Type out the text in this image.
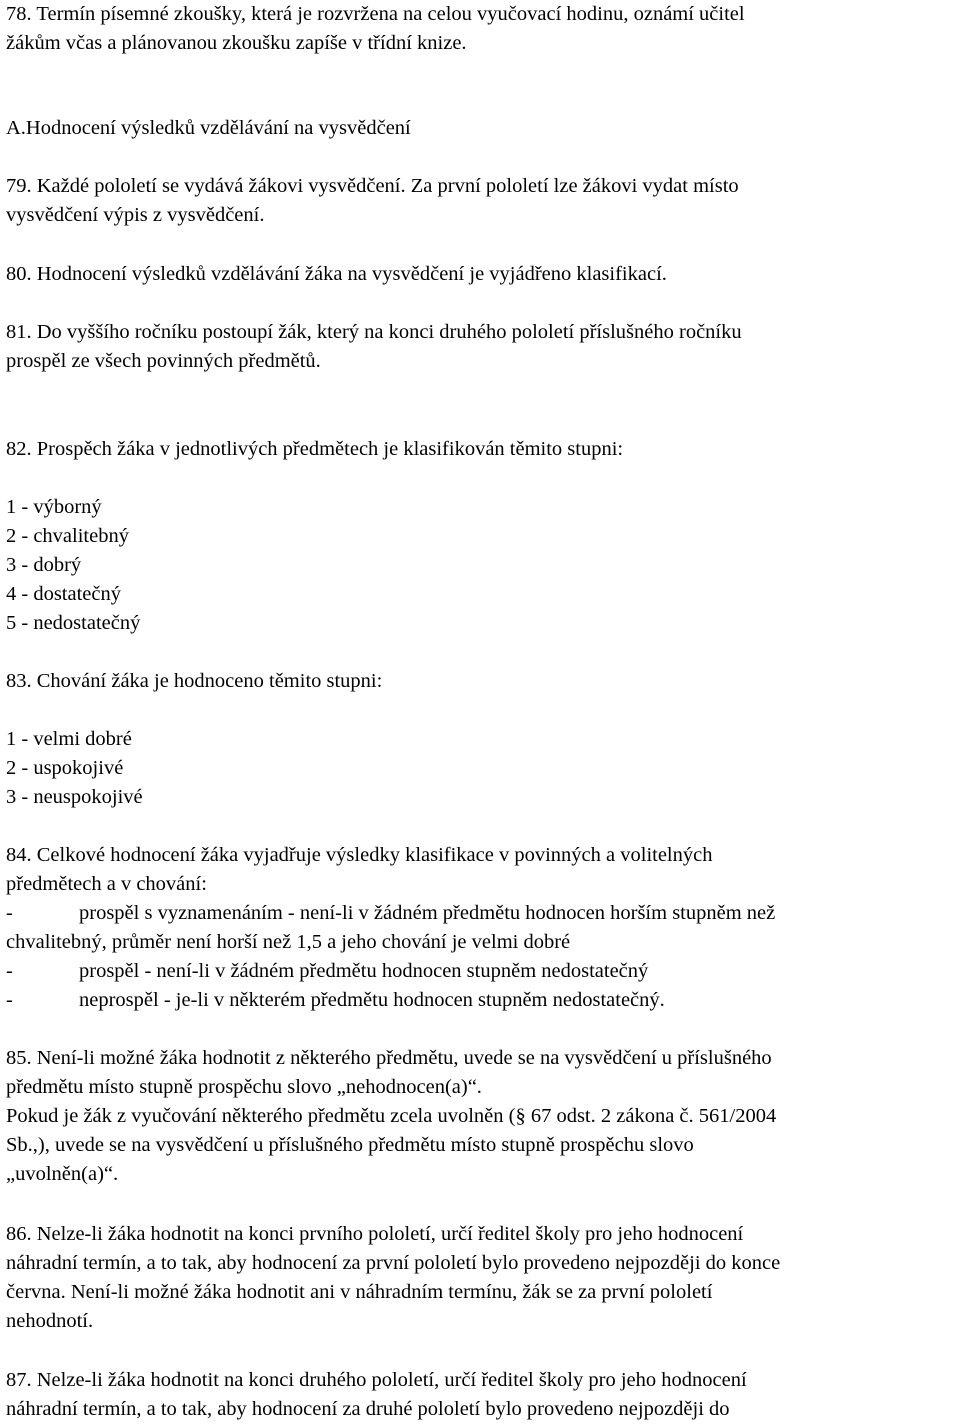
78. Termín písemné zkoušky, která je rozvržena na celou vyučovací hodinu, oznámí učitel
žákům včas a plánovanou zkoušku zapíše v třídní knize.
A.Hodnocení výsledků vzdělávání na vysvědčení
79. Každé pololetí se vydává žákovi vysvědčení. Za první pololetí lze žákovi vydat místo
vysvědčení výpis z vysvědčení.
80. Hodnocení výsledků vzdělávání žáka na vysvědčení je vyjádřeno klasifikací.
81. Do vyššího ročníku postoupí žák, který na konci druhého pololetí příslušného ročníku
prospěl ze všech povinných předmětů.
82. Prospěch žáka v jednotlivých předmětech je klasifikován těmito stupni:
1 - výborný
2 - chvalitebný
3 - dobrý
4 - dostatečný
5 - nedostatečný
83. Chování žáka je hodnoceno těmito stupni:
1 - velmi dobré
2 - uspokojivé
3 - neuspokojivé
84. Celkové hodnocení žáka vyjadřuje výsledky klasifikace v povinných a volitelných
předmětech a v chování:
-	prospěl s vyznamenáním - není-li v žádném předmětu hodnocen horším stupněm než
chvalitebný, průměr není horší než 1,5 a jeho chování je velmi dobré
-	prospěl - není-li v žádném předmětu hodnocen stupněm nedostatečný
-	neprospěl - je-li v některém předmětu hodnocen stupněm nedostatečný.
85. Není-li možné žáka hodnotit z některého předmětu, uvede se na vysvědčení u příslušného
předmětu místo stupně prospěchu slovo „nehodnocen(a)“.
Pokud je žák z vyučování některého předmětu zcela uvolněn (§ 67 odst. 2 zákona č. 561/2004
Sb.,), uvede se na vysvědčení u příslušného předmětu místo stupně prospěchu slovo
„uvolněn(a)“.
86. Nelze-li žáka hodnotit na konci prvního pololetí, určí ředitel školy pro jeho hodnocení
náhradní termín, a to tak, aby hodnocení za první pololetí bylo provedeno nejpozději do konce
června. Není-li možné žáka hodnotit ani v náhradním termínu, žák se za první pololetí
nehodnotí.
87. Nelze-li žáka hodnotit na konci druhého pololetí, určí ředitel školy pro jeho hodnocení
náhradní termín, a to tak, aby hodnocení za druhé pololetí bylo provedeno nejpozději do
